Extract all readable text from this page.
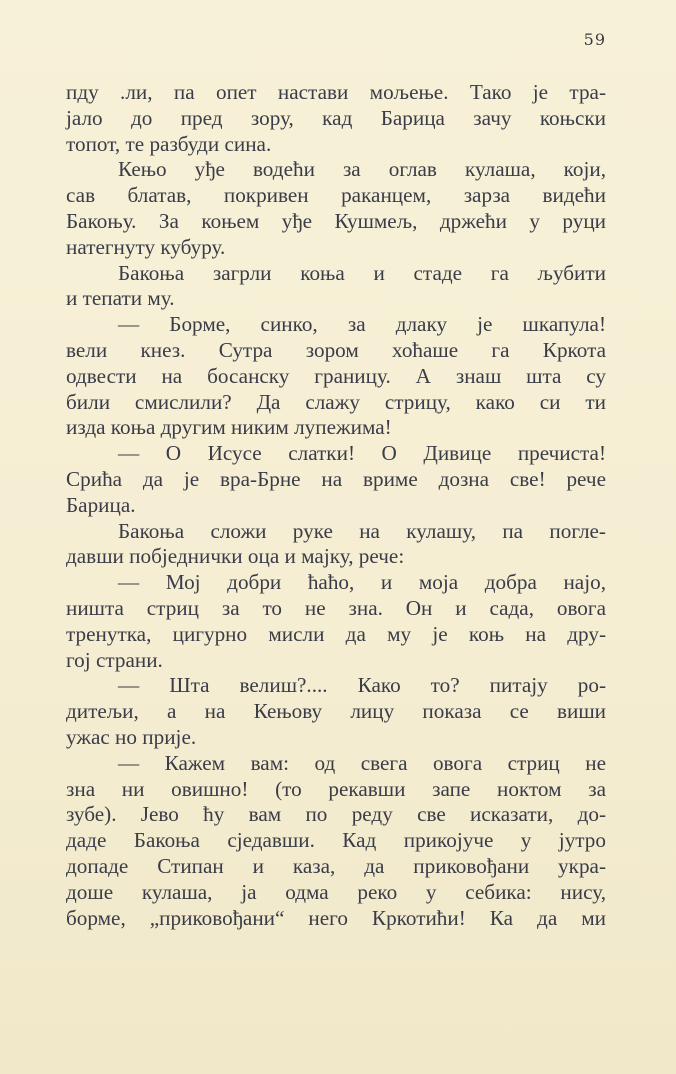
59
пду .ли, па опет настави мољење. Тако је тра-
јало до пред зору, кад Барица зачу коњски
топот, те разбуди сина.
Кењо уђе водећи за оглав кулаша, који,
сав блатав, покривен раканцем, зарза видећи
Бакоњу. За коњем уђе Кушмељ, држећи у руци
натегнуту кубуру.
Бакоња загрли коња и стаде га љубити
и тепати му.
— Борме, синко, за длаку је шкапула!
вели кнез. Сутра зором хоћаше га Кркота
одвести на босанску границу. А знаш шта су
били смислили? Да слажу стрицу, како си ти
изда коња другим никим лупежима!
— О Исусе слатки! О Дивице пречиста!
Срића да је вра-Брне на вриме дозна све! рече
Барица.
Бакоња сложи руке на кулашу, па погле-
давши побједнички оца и мајку, рече:
— Мој добри ћаћо, и моја добра најо,
ништа стриц за то не зна. Он и сада, овога
тренутка, цигурно мисли да му је коњ на дру-
гој страни.
— Шта велиш?.... Како то? питају ро-
дитељи, а на Кењову лицу показа се виши
ужас но прије.
— Кажем вам: од свега овога стриц не
зна ни овишно! (то рекавши запе ноктом за
зубе). Јево ћу вам по реду све исказати, до-
даде Бакоња сједавши. Кад прикојуче у јутро
допаде Стипан и каза, да приковођани укра-
доше кулаша, ја одма реко у себика: нису,
борме, „приковођани“ него Кркотићи! Ка да ми
